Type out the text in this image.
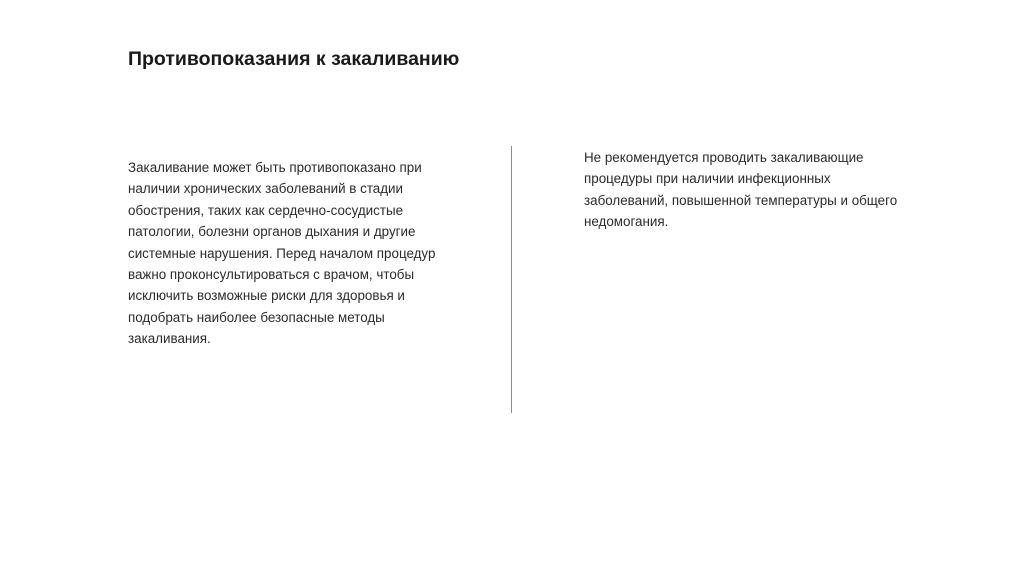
Противопоказания к закаливанию

Закаливание может быть противопоказано при
наличии хронических заболеваний в стадии
обострения, таких как сердечно-сосудистые
патологии, болезни органов дыхания и другие
системные нарушения. Перед началом процедур
важно проконсультироваться с врачом, чтобы
исключить возможные риски для здоровья и
подобрать наиболее безопасные методы
закаливания.

Не рекомендуется проводить закаливающие
процедуры при наличии инфекционных
заболеваний, повышенной температуры и общего
недомогания.
